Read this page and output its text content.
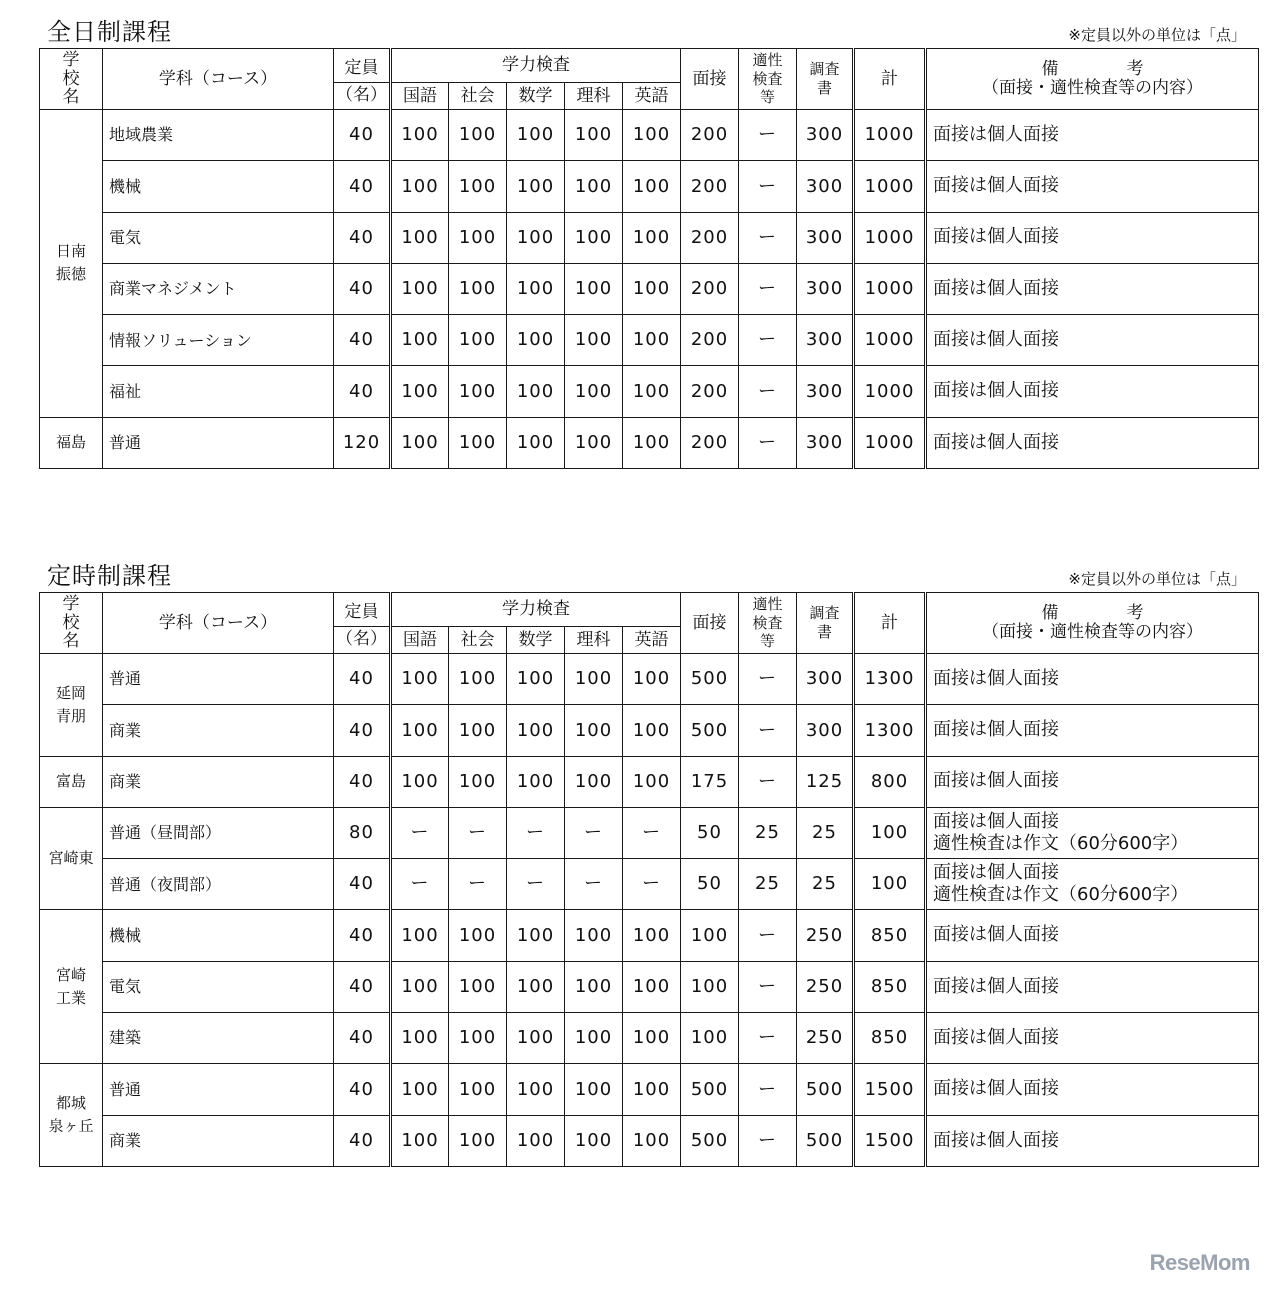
全日制課程	※定員以外の単位は「点」
学
校
名	学科（コース）	定員	学力検査					面接	適性
検査
等	調査
書	計	備　　　　考
（面接・適性検査等の内容）
		（名）	国語	社会	数学	理科	英語					
日南
振徳	地域農業	40	100	100	100	100	100	200	ー	300	1000	面接は個人面接
	機械	40	100	100	100	100	100	200	ー	300	1000	面接は個人面接
	電気	40	100	100	100	100	100	200	ー	300	1000	面接は個人面接
	商業マネジメント	40	100	100	100	100	100	200	ー	300	1000	面接は個人面接
	情報ソリューション	40	100	100	100	100	100	200	ー	300	1000	面接は個人面接
	福祉	40	100	100	100	100	100	200	ー	300	1000	面接は個人面接
福島	普通	120	100	100	100	100	100	200	ー	300	1000	面接は個人面接
定時制課程	※定員以外の単位は「点」
学
校
名	学科（コース）	定員	学力検査					面接	適性
検査
等	調査
書	計	備　　　　考
（面接・適性検査等の内容）
		（名）	国語	社会	数学	理科	英語					
延岡
青朋	普通	40	100	100	100	100	100	500	ー	300	1300	面接は個人面接
	商業	40	100	100	100	100	100	500	ー	300	1300	面接は個人面接
富島	商業	40	100	100	100	100	100	175	ー	125	800	面接は個人面接
宮崎東	普通（昼間部）	80	ー	ー	ー	ー	ー	50	25	25	100	面接は個人面接
適性検査は作文（60分600字）
	普通（夜間部）	40	ー	ー	ー	ー	ー	50	25	25	100	面接は個人面接
適性検査は作文（60分600字）
宮崎
工業	機械	40	100	100	100	100	100	100	ー	250	850	面接は個人面接
	電気	40	100	100	100	100	100	100	ー	250	850	面接は個人面接
	建築	40	100	100	100	100	100	100	ー	250	850	面接は個人面接
都城
泉ヶ丘	普通	40	100	100	100	100	100	500	ー	500	1500	面接は個人面接
	商業	40	100	100	100	100	100	500	ー	500	1500	面接は個人面接
ReseMom
